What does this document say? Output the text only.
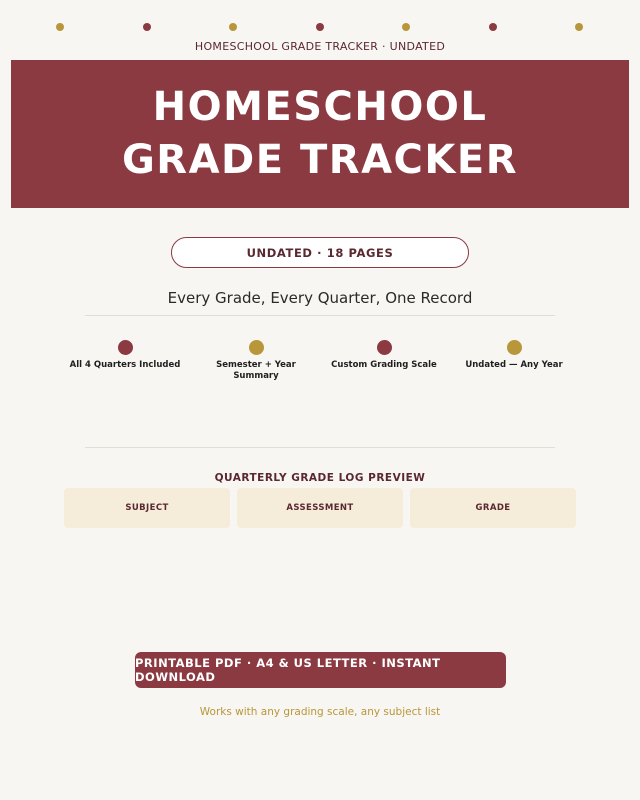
HOMESCHOOL GRADE TRACKER · UNDATED
HOMESCHOOL
GRADE TRACKER
UNDATED · 18 PAGES
Every Grade, Every Quarter, One Record
All 4 Quarters Included	Semester + Year Summary
Custom Grading Scale	Undated — Any Year
QUARTERLY GRADE LOG PREVIEW
SUBJECT	ASSESSMENT	GRADE
PRINTABLE PDF · A4 & US LETTER · INSTANT DOWNLOAD
Works with any grading scale, any subject list
